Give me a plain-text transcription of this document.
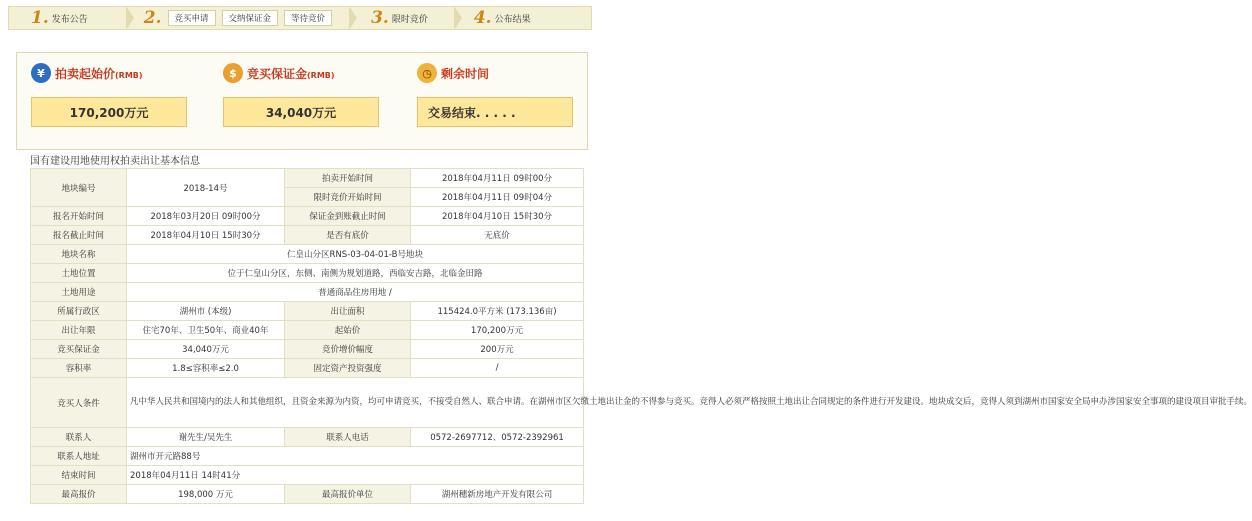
1. 发布公告	2.	竞买申请	交纳保证金	等待竞价	3. 限时竞价	4. 公布结果
¥ 拍卖起始价(RMB)
170,200万元
$ 竞买保证金(RMB)
34,040万元
◷ 剩余时间
交易结束. . . . .
国有建设用地使用权拍卖出让基本信息
地块编号	2018-14号	拍卖开始时间	2018年04月11日 09时00分
		限时竞价开始时间	2018年04月11日 09时04分
报名开始时间	2018年03月20日 09时00分	保证金到账截止时间	2018年04月10日 15时30分
报名截止时间	2018年04月10日 15时30分	是否有底价	无底价
地块名称	仁皇山分区RNS-03-04-01-B号地块		
土地位置	位于仁皇山分区，东侧、南侧为规划道路，西临安吉路，北临金田路		
土地用途	普通商品住房用地 /		
所属行政区	湖州市 (本级)	出让面积	115424.0平方米 (173.136亩)
出让年限	住宅70年、卫生50年、商业40年	起始价	170,200万元
竞买保证金	34,040万元	竞价增价幅度	200万元
容积率	1.8≤容积率≤2.0	固定资产投资强度	/
竞买人条件	凡中华人民共和国境内的法人和其他组织，且资金来源为内资，均可申请竞买，不接受自然人、联合申请。在湖州市区欠缴土地出让金的不得参与竞买。竞得人必须严格按照土地出让合同规定的条件进行开发建设。地块成交后，竞得人须到湖州市国家安全局申办涉国家安全事项的建设项目审批手续。		
联系人	谢先生/吴先生	联系人电话	0572-2697712、0572-2392961
联系人地址	湖州市开元路88号		
结束时间	2018年04月11日 14时41分		
最高报价	198,000 万元	最高报价单位	湖州穗新房地产开发有限公司
